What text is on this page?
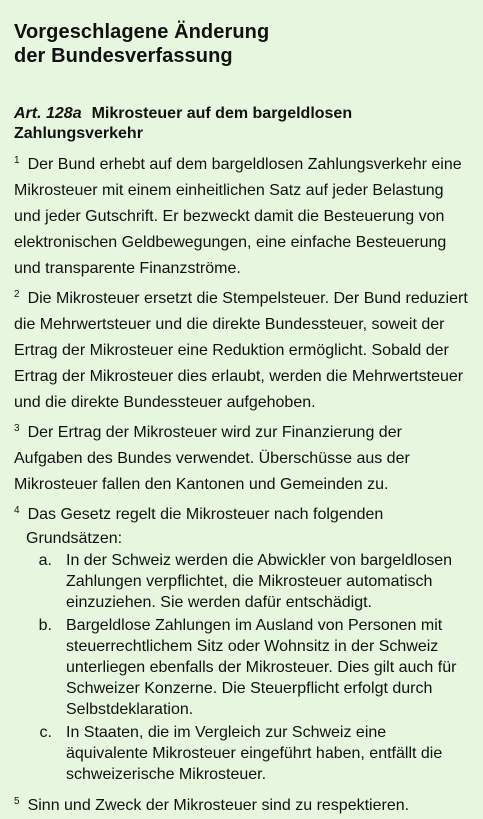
Vorgeschlagene Änderung
der Bundesverfassung
Art. 128a Mikrosteuer auf dem bargeldlosen Zahlungsverkehr

$^1$ Der Bund erhebt auf dem bargeldlosen Zahlungsverkehr eine Mikrosteuer mit einem einheitlichen Satz auf jeder Belastung und jeder Gutschrift. Er bezweckt damit die Besteuerung von elektronischen Geldbewegungen, eine einfache Besteuerung und transparente Finanzströme.

$^2$ Die Mikrosteuer ersetzt die Stempelsteuer. Der Bund reduziert die Mehrwertsteuer und die direkte Bundessteuer, soweit der Ertrag der Mikrosteuer eine Reduktion ermöglicht. Sobald der Ertrag der Mikrosteuer dies erlaubt, werden die Mehrwertsteuer und die direkte Bundessteuer aufgehoben.

$^3$ Der Ertrag der Mikrosteuer wird zur Finanzierung der Aufgaben des Bundes verwendet. Überschüsse aus der Mikrosteuer fallen den Kantonen und Gemeinden zu.

$^4$ Das Gesetz regelt die Mikrosteuer nach folgenden

Grundsätzen:
a. In der Schweiz werden die Abwickler von bargeldlosen Zahlungen verpflichtet, die Mikrosteuer automatisch einzuziehen. Sie werden dafür entschädigt.
b. Bargeldlose Zahlungen im Ausland von Personen mit steuerrechtlichem Sitz oder Wohnsitz in der Schweiz unterliegen ebenfalls der Mikrosteuer. Dies gilt auch für Schweizer Konzerne. Die Steuerpflicht erfolgt durch Selbstdeklaration.
c. In Staaten, die im Vergleich zur Schweiz eine äquivalente Mikrosteuer eingeführt haben, entfällt die schweizerische Mikrosteuer.

$^5$ Sinn und Zweck der Mikrosteuer sind zu respektieren.
